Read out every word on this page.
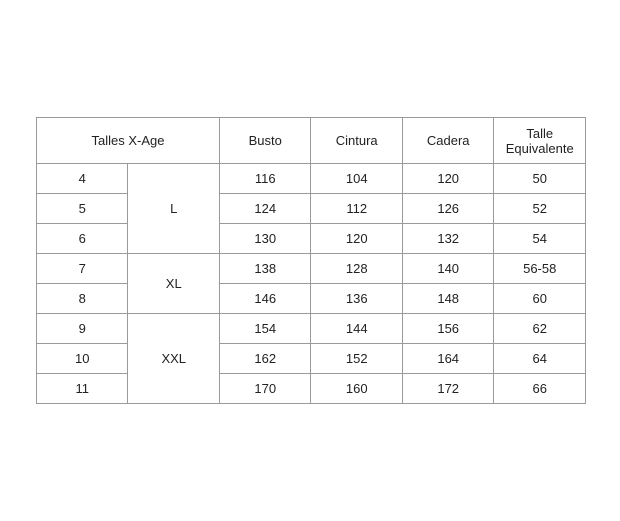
Talles X-Age		Busto	Cintura	Cadera	Talle
Equivalente
4	L	116	104	120	50
5		124	112	126	52
6		130	120	132	54
7	XL	138	128	140	56-58
8		146	136	148	60
9	XXL	154	144	156	62
10		162	152	164	64
11		170	160	172	66
